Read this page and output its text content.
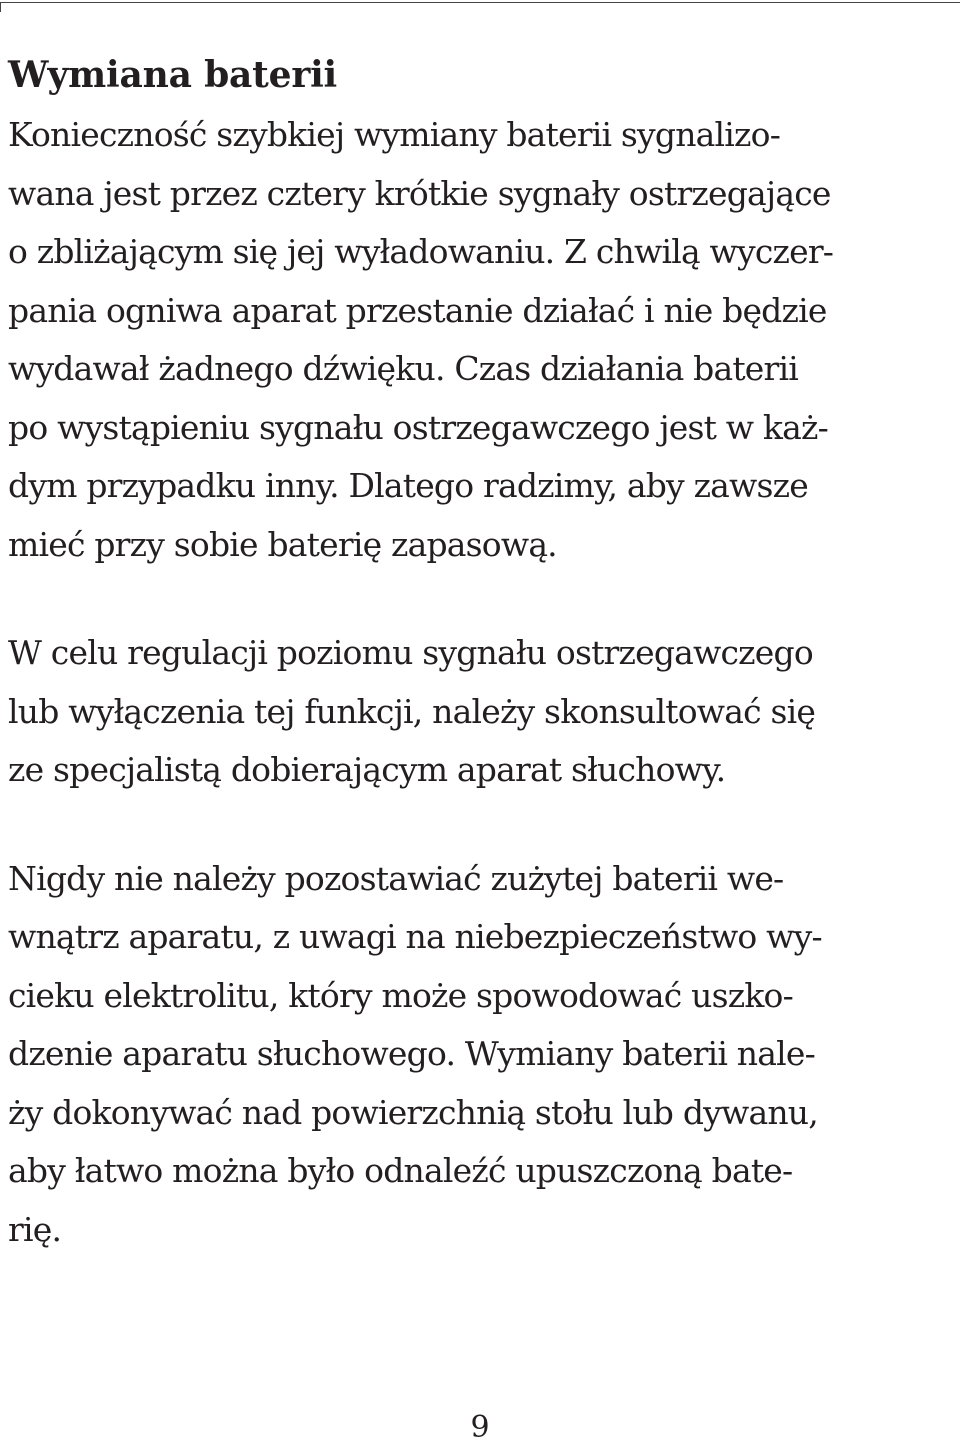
Wymiana baterii

Konieczność szybkiej wymiany baterii sygnalizo-
wana jest przez cztery krótkie sygnały ostrzegające
o zbliżającym się jej wyładowaniu. Z chwilą wyczer-
pania ogniwa aparat przestanie działać i nie będzie
wydawał żadnego dźwięku. Czas działania baterii
po wystąpieniu sygnału ostrzegawczego jest w każ-
dym przypadku inny. Dlatego radzimy, aby zawsze
mieć przy sobie baterię zapasową.

W celu regulacji poziomu sygnału ostrzegawczego
lub wyłączenia tej funkcji, należy skonsultować się
ze specjalistą dobierającym aparat słuchowy.

Nigdy nie należy pozostawiać zużytej baterii we-
wnątrz aparatu, z uwagi na niebezpieczeństwo wy-
cieku elektrolitu, który może spowodować uszko-
dzenie aparatu słuchowego. Wymiany baterii nale-
ży dokonywać nad powierzchnią stołu lub dywanu,
aby łatwo można było odnaleźć upuszczoną bate-
rię.

9
